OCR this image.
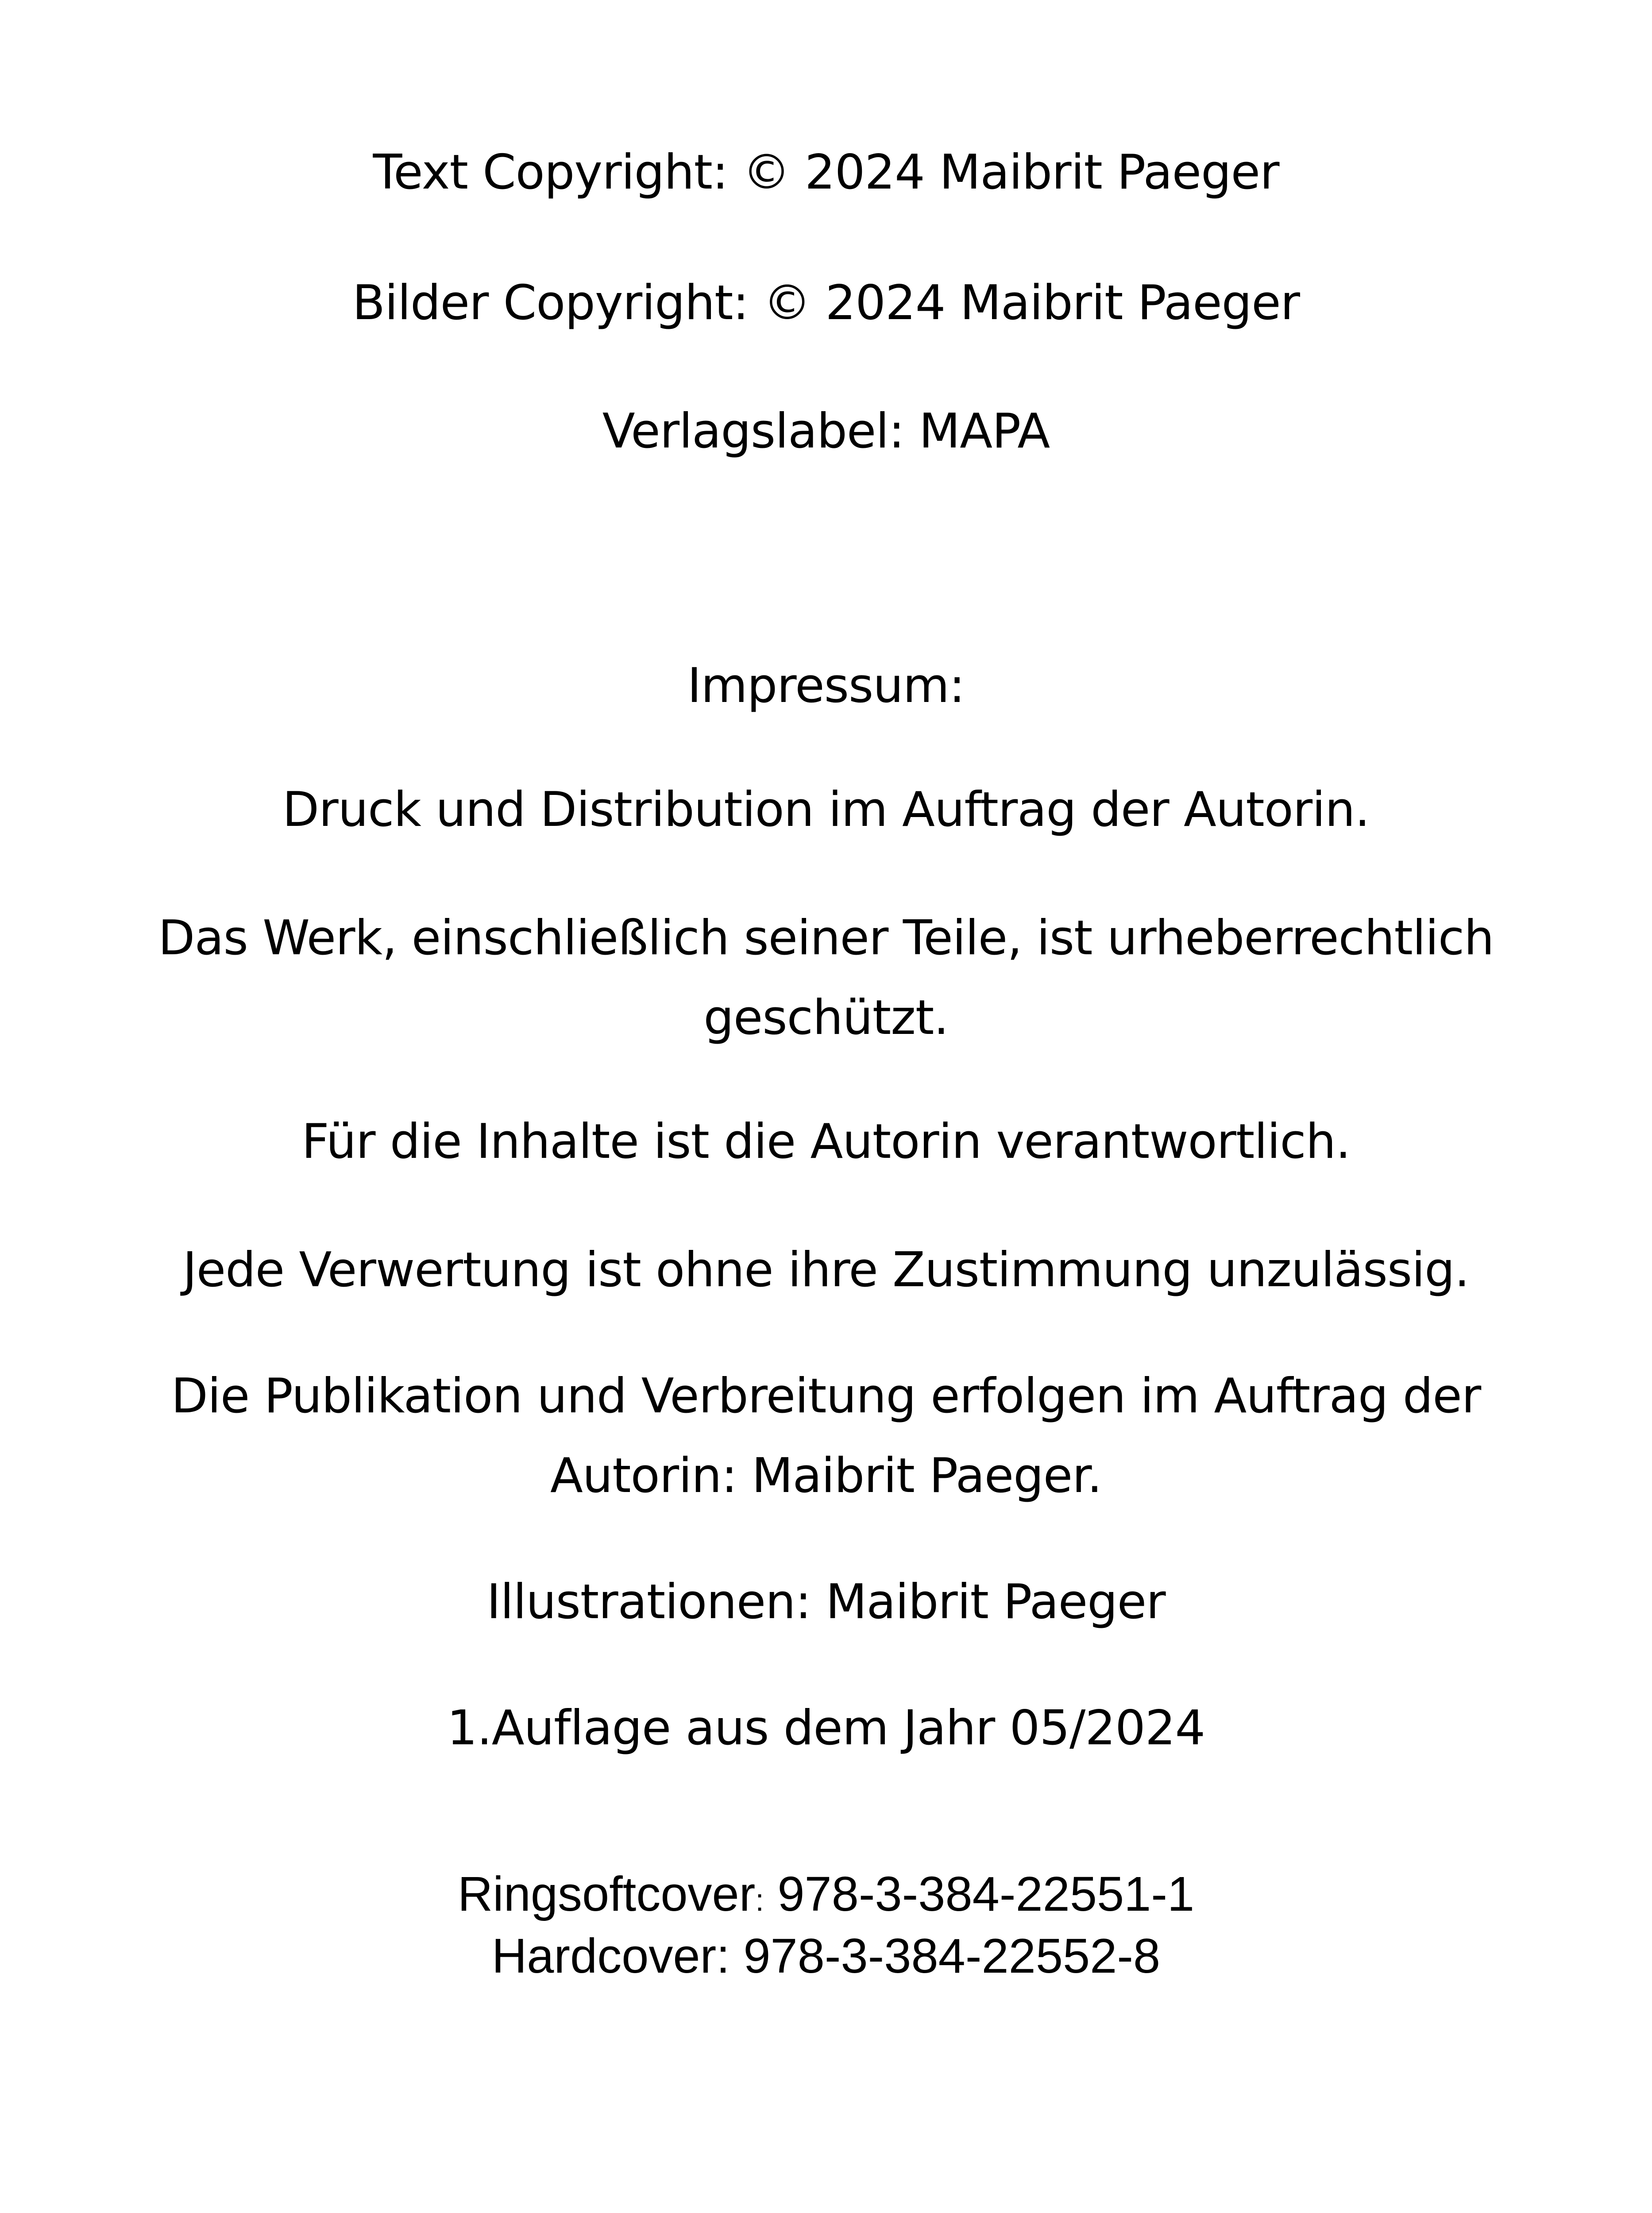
Text Copyright: © 2024 Maibrit Paeger
Bilder Copyright: © 2024 Maibrit Paeger
Verlagslabel: MAPA
Impressum:
Druck und Distribution im Auftrag der Autorin.
Das Werk, einschließlich seiner Teile, ist urheberrechtlich
geschützt.
Für die Inhalte ist die Autorin verantwortlich.
Jede Verwertung ist ohne ihre Zustimmung unzulässig.
Die Publikation und Verbreitung erfolgen im Auftrag der
Autorin: Maibrit Paeger.
Illustrationen: Maibrit Paeger
1.Auflage aus dem Jahr 05/2024
Ringsoftcover: 978-3-384-22551-1
Hardcover: 978-3-384-22552-8
